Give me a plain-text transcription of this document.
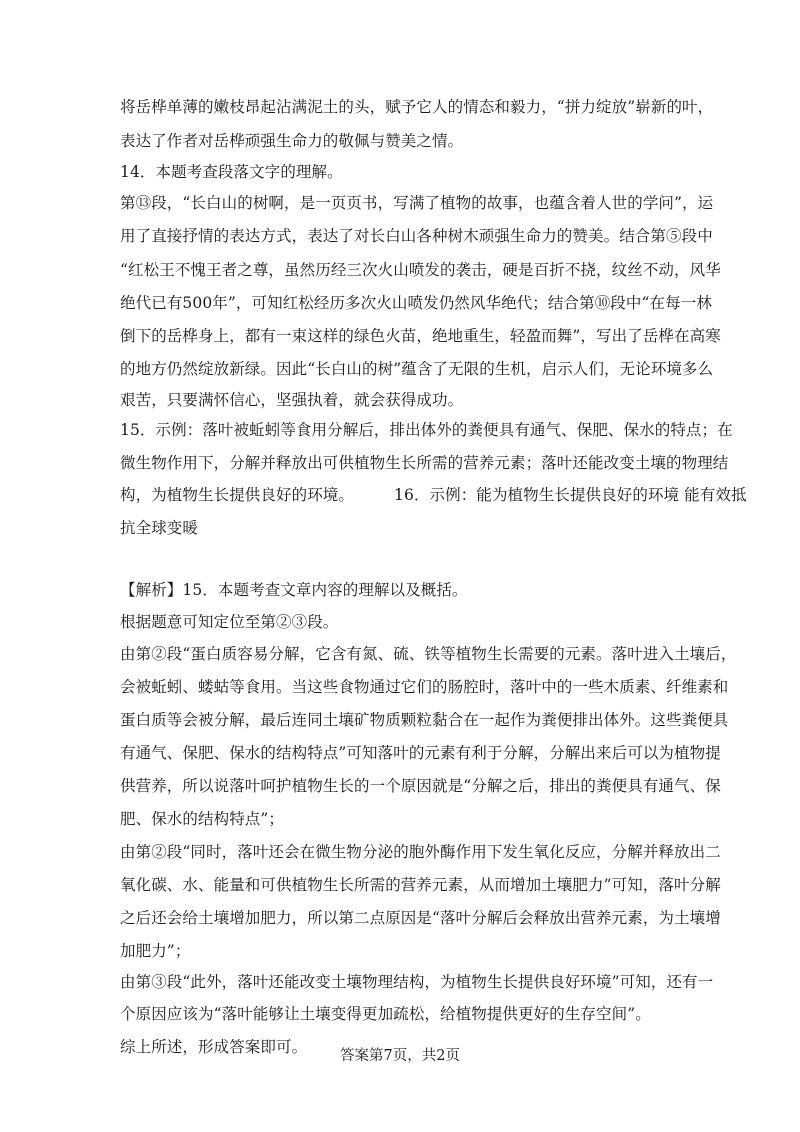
将岳桦单薄的嫩枝昂起沾满泥土的头，赋予它人的情态和毅力，“拼力绽放”崭新的叶，
表达了作者对岳桦顽强生命力的敬佩与赞美之情。
14．本题考查段落文字的理解。
第⑬段，“长白山的树啊，是一页页书，写满了植物的故事，也蕴含着人世的学问”，运
用了直接抒情的表达方式，表达了对长白山各种树木顽强生命力的赞美。结合第⑤段中
“红松王不愧王者之尊，虽然历经三次火山喷发的袭击，硬是百折不挠，纹丝不动，风华
绝代已有500年”，可知红松经历多次火山喷发仍然风华绝代；结合第⑩段中“在每一林
倒下的岳桦身上，都有一束这样的绿色火苗，绝地重生，轻盈而舞”，写出了岳桦在高寒
的地方仍然绽放新绿。因此“长白山的树”蕴含了无限的生机，启示人们，无论环境多么
艰苦，只要满怀信心，坚强执着，就会获得成功。
15．示例：落叶被蚯蚓等食用分解后，排出体外的粪便具有通气、保肥、保水的特点；在
微生物作用下，分解并释放出可供植物生长所需的营养元素；落叶还能改变土壤的物理结
构，为植物生长提供良好的环境。	16．示例：能为植物生长提供良好的环境 能有效抵
抗全球变暖
【解析】15．本题考查文章内容的理解以及概括。
根据题意可知定位至第②③段。
由第②段“蛋白质容易分解，它含有氮、硫、铁等植物生长需要的元素。落叶进入土壤后，
会被蚯蚓、蝼蛄等食用。当这些食物通过它们的肠腔时，落叶中的一些木质素、纤维素和
蛋白质等会被分解，最后连同土壤矿物质颗粒黏合在一起作为粪便排出体外。这些粪便具
有通气、保肥、保水的结构特点”可知落叶的元素有利于分解，分解出来后可以为植物提
供营养，所以说落叶呵护植物生长的一个原因就是“分解之后，排出的粪便具有通气、保
肥、保水的结构特点”；
由第②段“同时，落叶还会在微生物分泌的胞外酶作用下发生氧化反应，分解并释放出二
氧化碳、水、能量和可供植物生长所需的营养元素，从而增加土壤肥力”可知，落叶分解
之后还会给土壤增加肥力，所以第二点原因是“落叶分解后会释放出营养元素，为土壤增
加肥力”；
由第③段“此外，落叶还能改变土壤物理结构，为植物生长提供良好环境”可知，还有一
个原因应该为“落叶能够让土壤变得更加疏松，给植物提供更好的生存空间”。
答案第7页，共2页
综上所述，形成答案即可。
